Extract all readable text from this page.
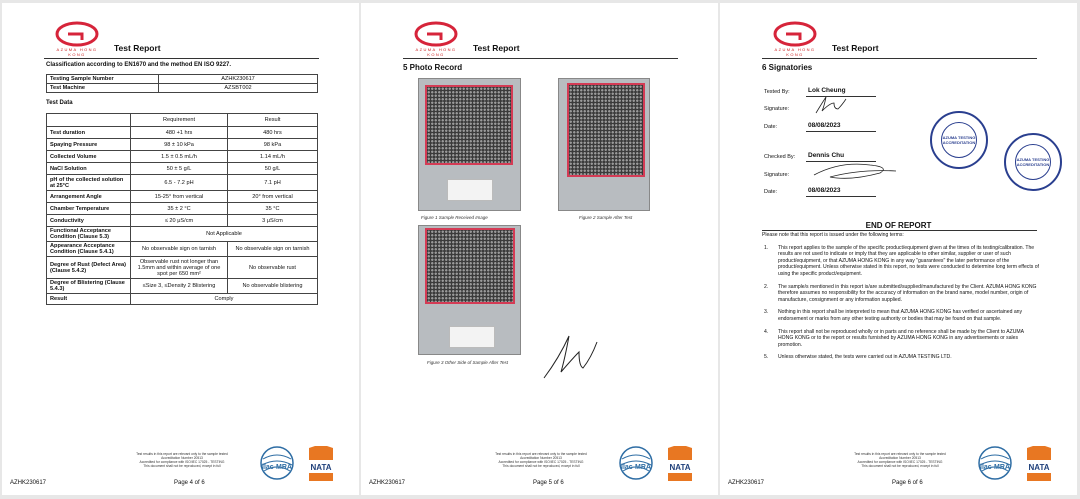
AZUMA HONG KONG
Test Report
Classification according to EN1670 and the method EN ISO 9227.
Testing Sample Number	AZHK230617
Test Machine	AZSBT002
Test Data
	Requirement	Result
Test duration	480 +1 hrs	480 hrs
Spaying Pressure	98 ± 10 kPa	98 kPa
Collected Volume	1.5 ± 0.5 mL/h	1.14 mL/h
NaCl Solution	50 ± 5 g/L	50 g/L
pH of the collected solution at 25°C	6.5 - 7.2 pH	7.1 pH
Arrangement Angle	15-25° from vertical	20° from vertical
Chamber Temperature	35 ± 2 °C	35 °C
Conductivity	≤ 20 μS/cm	3 μS/cm
Functional Acceptance Condition (Clause 5.3)	Not Applicable	
Appearance Acceptance Condition (Clause 5.4.1)	No observable sign on tarnish	No observable sign on tarnish
Degree of Rust (Defect Area) (Clause 5.4.2)	Observable rust not longer than 1.5mm and within average of one spot per 650 mm²	No observable rust
Degree of Blistering (Clause 5.4.3)	≤Size 3, ≤Density 2 Blistering	No observable blistering
Result	Comply	
Test results in this report are relevant only to the sample tested
Accreditation Number 20513
Accredited for compliance with ISO/IEC 17025 - TESTING
This document shall not be reproduced, except in full
AZHK230617	Page 4 of 6
ilac-MRA NATA
AZUMA HONG KONG
Test Report
5 Photo Record
Figure 1 Sample Received Image	Figure 2 Sample After Test
Figure 3 Other Side of Sample After Test
Test results in this report are relevant only to the sample tested
Accreditation Number 20513
Accredited for compliance with ISO/IEC 17025 - TESTING
This document shall not be reproduced, except in full
AZHK230617	Page 5 of 6
ilac-MRA NATA
AZUMA HONG KONG
Test Report
6 Signatories
Tested By:	Lok Cheung
Signature:
Date:	08/08/2023
Checked By: Dennis Chu
Signature:
Date:	08/08/2023
AZUMA TESTING ACCREDITATION
AZUMA TESTING ACCREDITATION
END OF REPORT
Please note that this report is issued under the following terms:
1. This report applies to the sample of the specific product/equipment given at the times of its testing/calibration. The results are not used to indicate or imply that they are applicable to other similar, supplier or user of such product/equipment, or that AZUMA HONG KONG in any way "guarantees" the later performance of the product/equipment. Unless otherwise stated in this report, no tests were conducted to determine long term effects of using the specific product/equipment.
2. The sample/s mentioned in this report is/are submitted/supplied/manufactured by the Client. AZUMA HONG KONG therefore assumes no responsibility for the accuracy of information on the brand name, model number, origin of manufacture, consignment or any information supplied.
3. Nothing in this report shall be interpreted to mean that AZUMA HONG KONG has verified or ascertained any endorsement or marks from any other testing authority or bodies that may be found on that sample.
4. This report shall not be reproduced wholly or in parts and no reference shall be made by the Client to AZUMA HONG KONG or to the report or results furnished by AZUMA HONG KONG in any advertisements or sales promotion.
5. Unless otherwise stated, the tests were carried out in AZUMA TESTING LTD.
Test results in this report are relevant only to the sample tested
Accreditation Number 20513
Accredited for compliance with ISO/IEC 17025 - TESTING
This document shall not be reproduced, except in full
AZHK230617	Page 6 of 6
ilac-MRA NATA
